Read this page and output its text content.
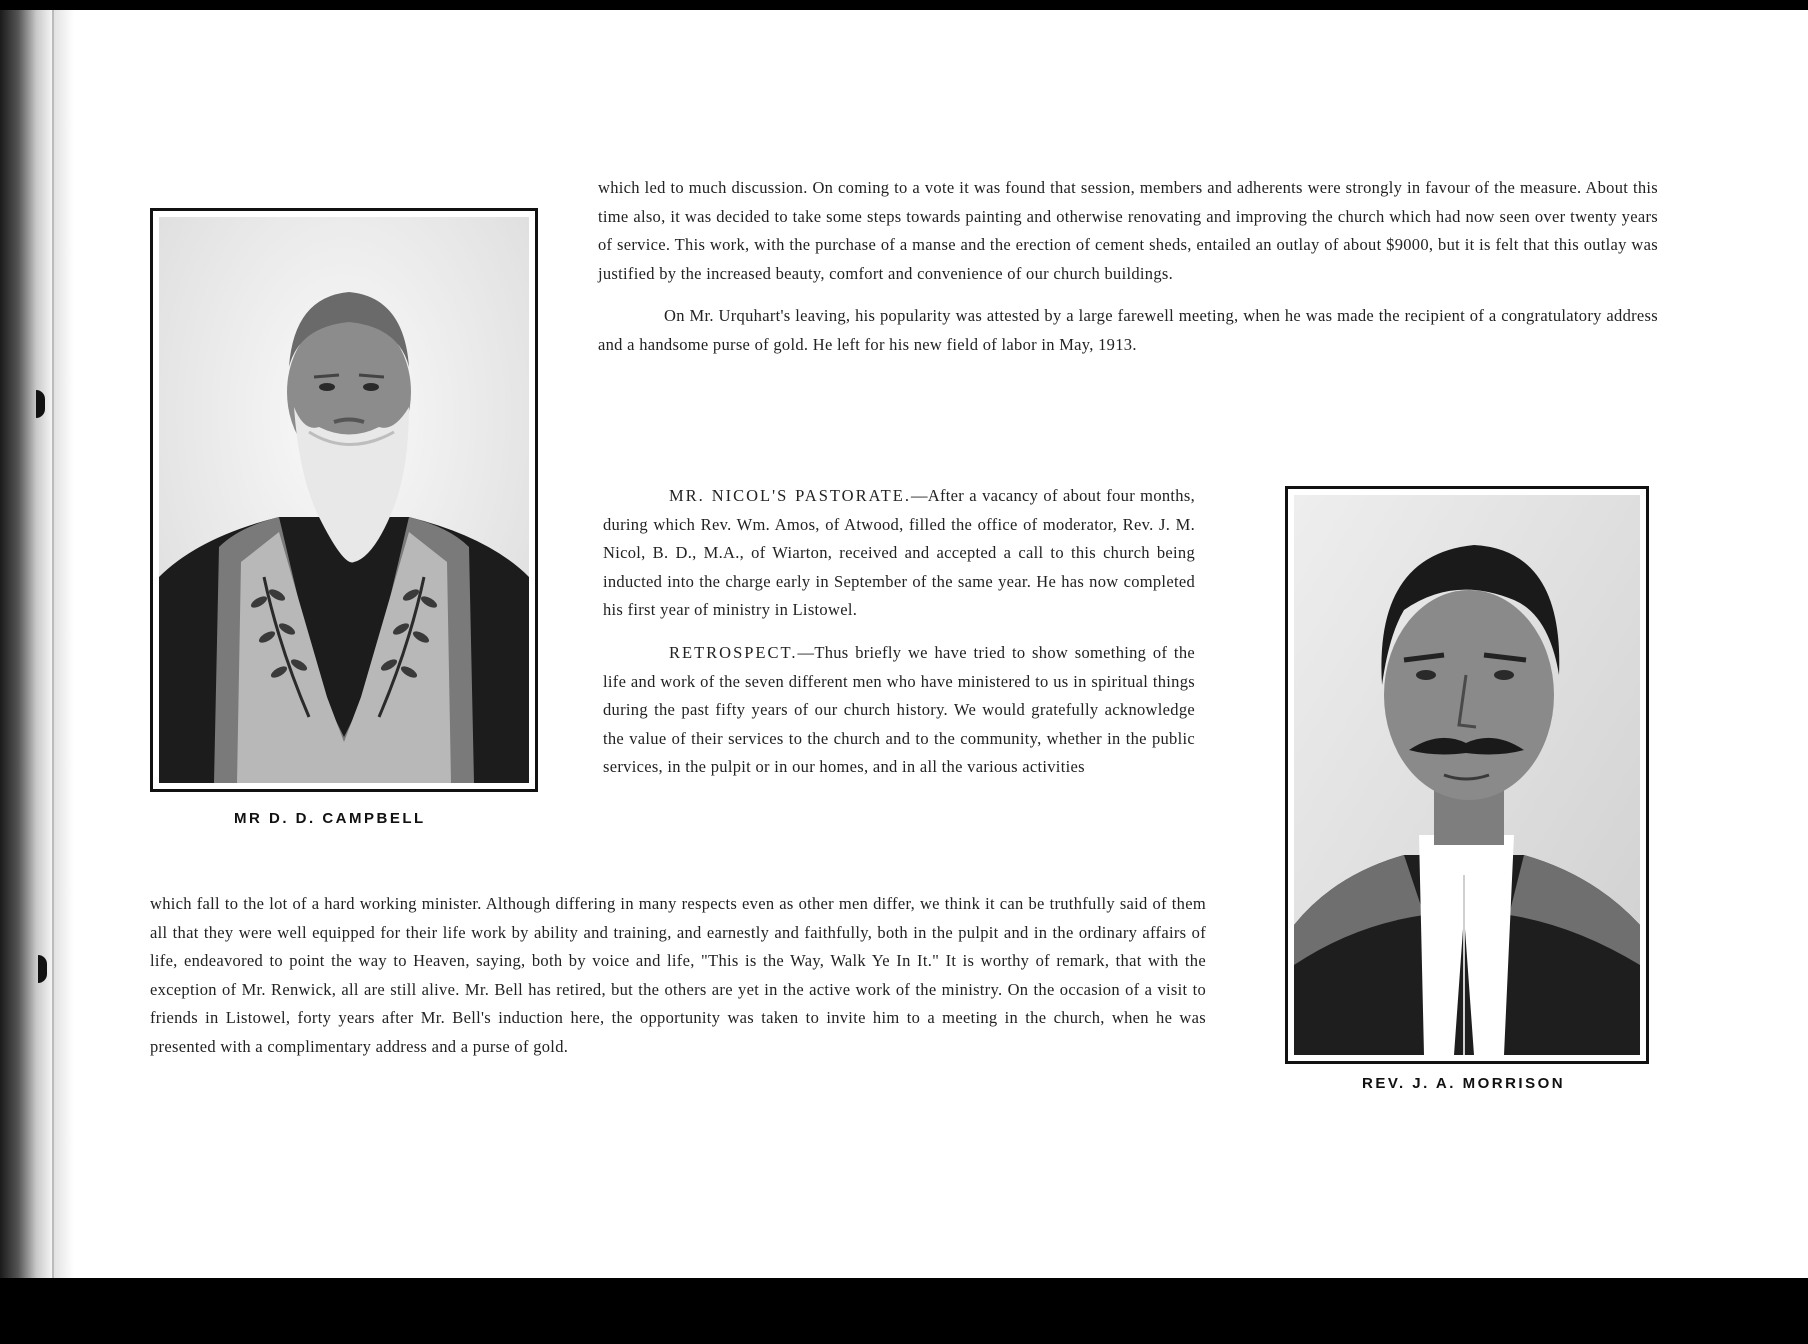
MR D. D. CAMPBELL
REV. J. A. MORRISON

which led to much discussion. On coming to a vote it was found that session, members and adherents were strongly in favour of the measure. About this time also, it was decided to take some steps towards painting and otherwise renovating and improving the church which had now seen over twenty years of service. This work, with the purchase of a manse and the erection of cement sheds, entailed an outlay of about $9000, but it is felt that this outlay was justified by the increased beauty, comfort and convenience of our church buildings.

On Mr. Urquhart's leaving, his popularity was attested by a large farewell meeting, when he was made the recipient of a congratulatory address and a handsome purse of gold. He left for his new field of labor in May, 1913.

MR. NICOL'S PASTORATE.—After a vacancy of about four months, during which Rev. Wm. Amos, of Atwood, filled the office of moderator, Rev. J. M. Nicol, B. D., M.A., of Wiarton, received and accepted a call to this church being inducted into the charge early in September of the same year. He has now completed his first year of ministry in Listowel.

RETROSPECT.—Thus briefly we have tried to show something of the life and work of the seven different men who have ministered to us in spiritual things during the past fifty years of our church history. We would gratefully acknowledge the value of their services to the church and to the community, whether in the public services, in the pulpit or in our homes, and in all the various activities

which fall to the lot of a hard working minister. Although differing in many respects even as other men differ, we think it can be truthfully said of them all that they were well equipped for their life work by ability and training, and earnestly and faithfully, both in the pulpit and in the ordinary affairs of life, endeavored to point the way to Heaven, saying, both by voice and life, "This is the Way, Walk Ye In It." It is worthy of remark, that with the exception of Mr. Renwick, all are still alive. Mr. Bell has retired, but the others are yet in the active work of the ministry. On the occasion of a visit to friends in Listowel, forty years after Mr. Bell's induction here, the opportunity was taken to invite him to a meeting in the church, when he was presented with a complimentary address and a purse of gold.
